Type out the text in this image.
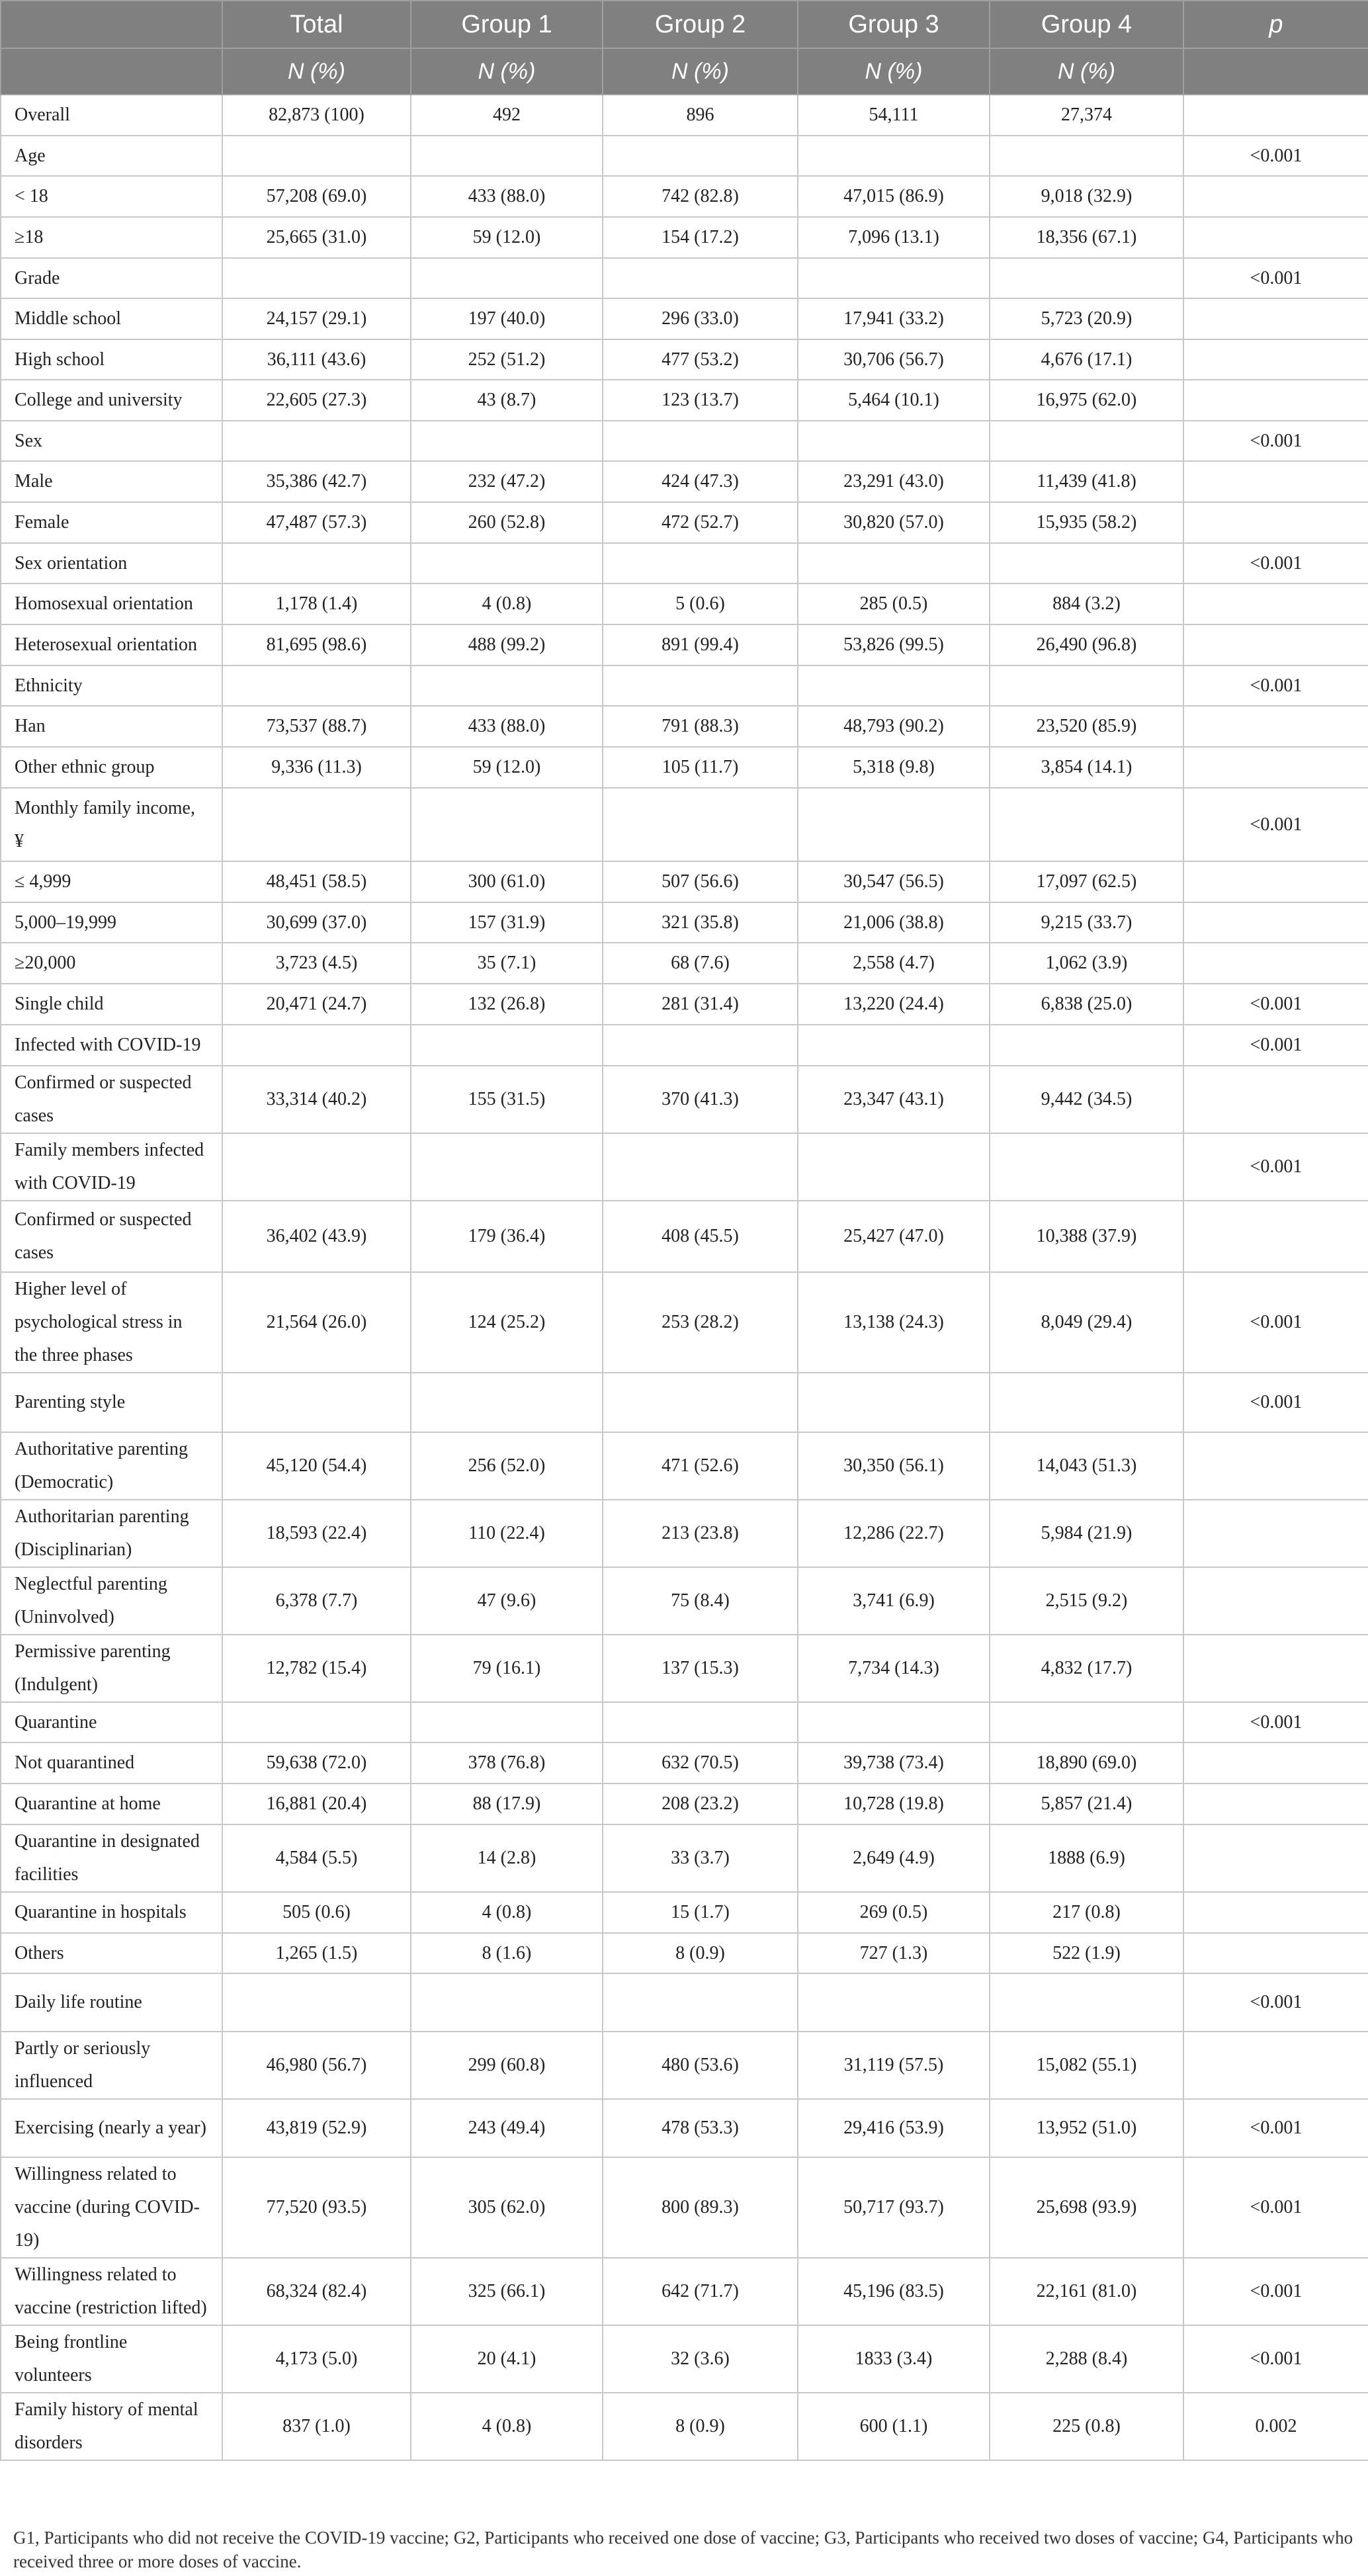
	Total	Group 1	Group 2	Group 3	Group 4	p
	N (%)	N (%)	N (%)	N (%)	N (%)	
Overall	82,873 (100)	492	896	54,111	27,374	
Age						<0.001
< 18	57,208 (69.0)	433 (88.0)	742 (82.8)	47,015 (86.9)	9,018 (32.9)	
≥18	25,665 (31.0)	59 (12.0)	154 (17.2)	7,096 (13.1)	18,356 (67.1)	
Grade						<0.001
Middle school	24,157 (29.1)	197 (40.0)	296 (33.0)	17,941 (33.2)	5,723 (20.9)	
High school	36,111 (43.6)	252 (51.2)	477 (53.2)	30,706 (56.7)	4,676 (17.1)	
College and university	22,605 (27.3)	43 (8.7)	123 (13.7)	5,464 (10.1)	16,975 (62.0)	
Sex						<0.001
Male	35,386 (42.7)	232 (47.2)	424 (47.3)	23,291 (43.0)	11,439 (41.8)	
Female	47,487 (57.3)	260 (52.8)	472 (52.7)	30,820 (57.0)	15,935 (58.2)	
Sex orientation						<0.001
Homosexual orientation	1,178 (1.4)	4 (0.8)	5 (0.6)	285 (0.5)	884 (3.2)	
Heterosexual orientation	81,695 (98.6)	488 (99.2)	891 (99.4)	53,826 (99.5)	26,490 (96.8)	
Ethnicity						<0.001
Han	73,537 (88.7)	433 (88.0)	791 (88.3)	48,793 (90.2)	23,520 (85.9)	
Other ethnic group	9,336 (11.3)	59 (12.0)	105 (11.7)	5,318 (9.8)	3,854 (14.1)	
Monthly family income, ¥						<0.001
≤ 4,999	48,451 (58.5)	300 (61.0)	507 (56.6)	30,547 (56.5)	17,097 (62.5)	
5,000–19,999	30,699 (37.0)	157 (31.9)	321 (35.8)	21,006 (38.8)	9,215 (33.7)	
≥20,000	3,723 (4.5)	35 (7.1)	68 (7.6)	2,558 (4.7)	1,062 (3.9)	
Single child	20,471 (24.7)	132 (26.8)	281 (31.4)	13,220 (24.4)	6,838 (25.0)	<0.001
Infected with COVID-19						<0.001
Confirmed or suspected cases	33,314 (40.2)	155 (31.5)	370 (41.3)	23,347 (43.1)	9,442 (34.5)	
Family members infected with COVID-19						<0.001
Confirmed or suspected cases	36,402 (43.9)	179 (36.4)	408 (45.5)	25,427 (47.0)	10,388 (37.9)	
Higher level of psychological stress in the three phases	21,564 (26.0)	124 (25.2)	253 (28.2)	13,138 (24.3)	8,049 (29.4)	<0.001
Parenting style						<0.001
Authoritative parenting (Democratic)	45,120 (54.4)	256 (52.0)	471 (52.6)	30,350 (56.1)	14,043 (51.3)	
Authoritarian parenting (Disciplinarian)	18,593 (22.4)	110 (22.4)	213 (23.8)	12,286 (22.7)	5,984 (21.9)	
Neglectful parenting (Uninvolved)	6,378 (7.7)	47 (9.6)	75 (8.4)	3,741 (6.9)	2,515 (9.2)	
Permissive parenting (Indulgent)	12,782 (15.4)	79 (16.1)	137 (15.3)	7,734 (14.3)	4,832 (17.7)	
Quarantine						<0.001
Not quarantined	59,638 (72.0)	378 (76.8)	632 (70.5)	39,738 (73.4)	18,890 (69.0)	
Quarantine at home	16,881 (20.4)	88 (17.9)	208 (23.2)	10,728 (19.8)	5,857 (21.4)	
Quarantine in designated facilities	4,584 (5.5)	14 (2.8)	33 (3.7)	2,649 (4.9)	1888 (6.9)	
Quarantine in hospitals	505 (0.6)	4 (0.8)	15 (1.7)	269 (0.5)	217 (0.8)	
Others	1,265 (1.5)	8 (1.6)	8 (0.9)	727 (1.3)	522 (1.9)	
Daily life routine						<0.001
Partly or seriously influenced	46,980 (56.7)	299 (60.8)	480 (53.6)	31,119 (57.5)	15,082 (55.1)	
Exercising (nearly a year)	43,819 (52.9)	243 (49.4)	478 (53.3)	29,416 (53.9)	13,952 (51.0)	<0.001
Willingness related to vaccine (during COVID-19)	77,520 (93.5)	305 (62.0)	800 (89.3)	50,717 (93.7)	25,698 (93.9)	<0.001
Willingness related to vaccine (restriction lifted)	68,324 (82.4)	325 (66.1)	642 (71.7)	45,196 (83.5)	22,161 (81.0)	<0.001
Being frontline volunteers	4,173 (5.0)	20 (4.1)	32 (3.6)	1833 (3.4)	2,288 (8.4)	<0.001
Family history of mental disorders	837 (1.0)	4 (0.8)	8 (0.9)	600 (1.1)	225 (0.8)	0.002
G1, Participants who did not receive the COVID-19 vaccine; G2, Participants who received one dose of vaccine; G3, Participants who received two doses of vaccine; G4, Participants who received three or more doses of vaccine.
